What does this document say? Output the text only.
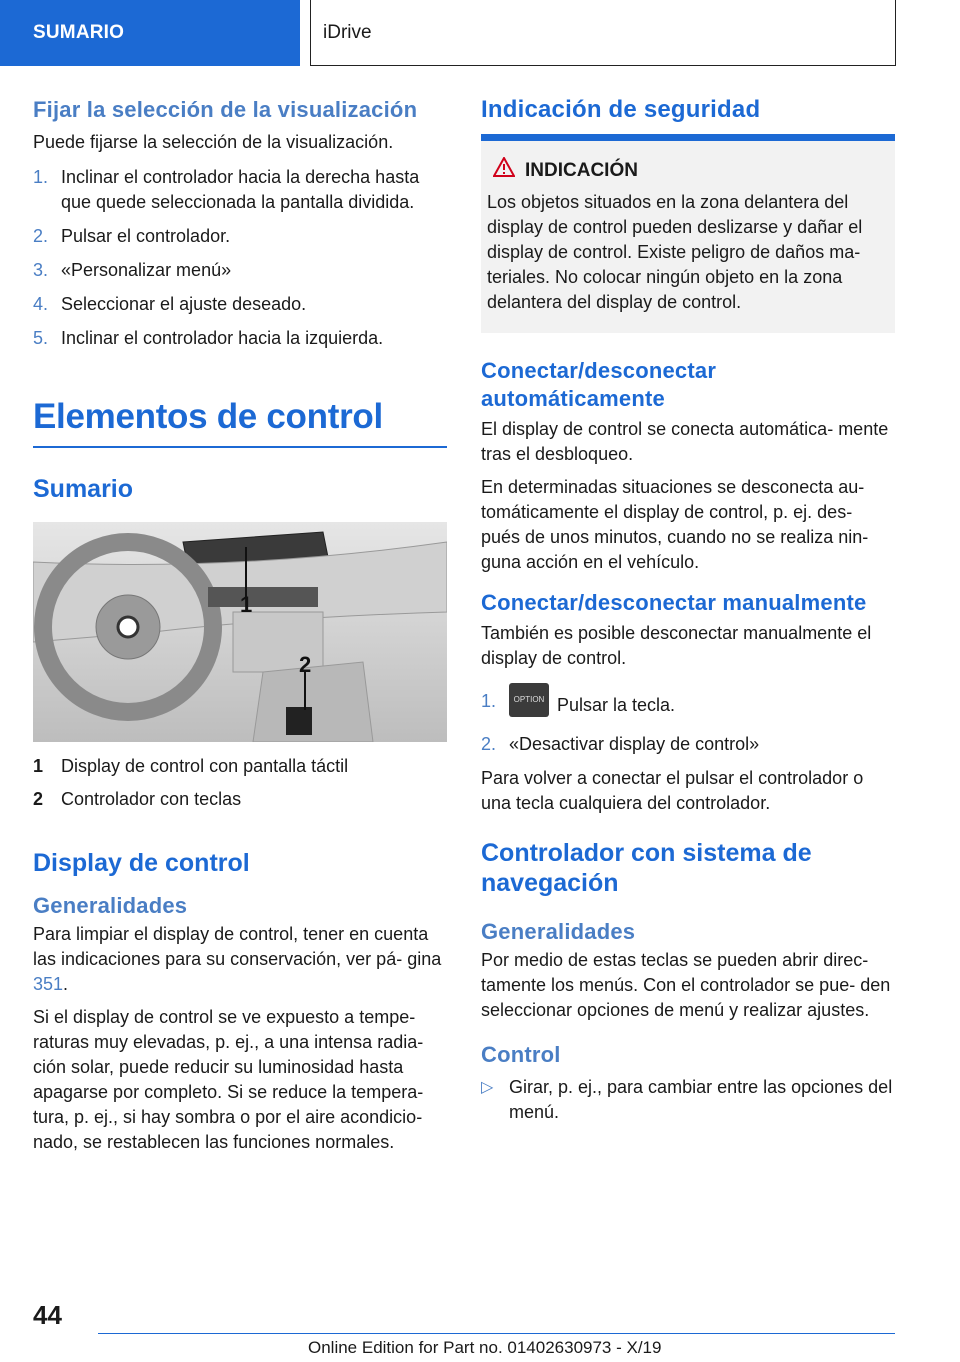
SUMARIO	iDrive
Fijar la selección de la visualización

Puede fijarse la selección de la visualización.

1. Inclinar el controlador hacia la derecha hasta que quede seleccionada la pantalla dividida.
2. Pulsar el controlador.
3. «Personalizar menú»
4. Seleccionar el ajuste deseado.
5. Inclinar el controlador hacia la izquierda.
Elementos de control
Sumario
1
2
1 Display de control con pantalla táctil
2 Controlador con teclas
Display de control
Generalidades

Para limpiar el display de control, tener en cuenta las indicaciones para su conservación, ver pá‐ gina 351.

Si el display de control se ve expuesto a tempe‐ raturas muy elevadas, p. ej., a una intensa radia‐ ción solar, puede reducir su luminosidad hasta apagarse por completo. Si se reduce la tempera‐ tura, p. ej., si hay sombra o por el aire acondicio‐ nado, se restablecen las funciones normales.

Indicación de seguridad
INDICACIÓN

Los objetos situados en la zona delantera del display de control pueden deslizarse y dañar el display de control. Existe peligro de daños ma‐ teriales. No colocar ningún objeto en la zona delantera del display de control.

Conectar/desconectar automáticamente

El display de control se conecta automática‐ mente tras el desbloqueo.

En determinadas situaciones se desconecta au‐ tomáticamente el display de control, p. ej. des‐ pués de unos minutos, cuando no se realiza nin‐ guna acción en el vehículo.

Conectar/desconectar manualmente

También es posible desconectar manualmente el display de control.

1. OPTION Pulsar la tecla.
2. «Desactivar display de control»

Para volver a conectar el pulsar el controlador o una tecla cualquiera del controlador.

Controlador con sistema de navegación
Generalidades

Por medio de estas teclas se pueden abrir direc‐ tamente los menús. Con el controlador se pue‐ den seleccionar opciones de menú y realizar ajustes.

Control
▷ Girar, p. ej., para cambiar entre las opciones del menú.
44
Online Edition for Part no. 01402630973 - X/19
